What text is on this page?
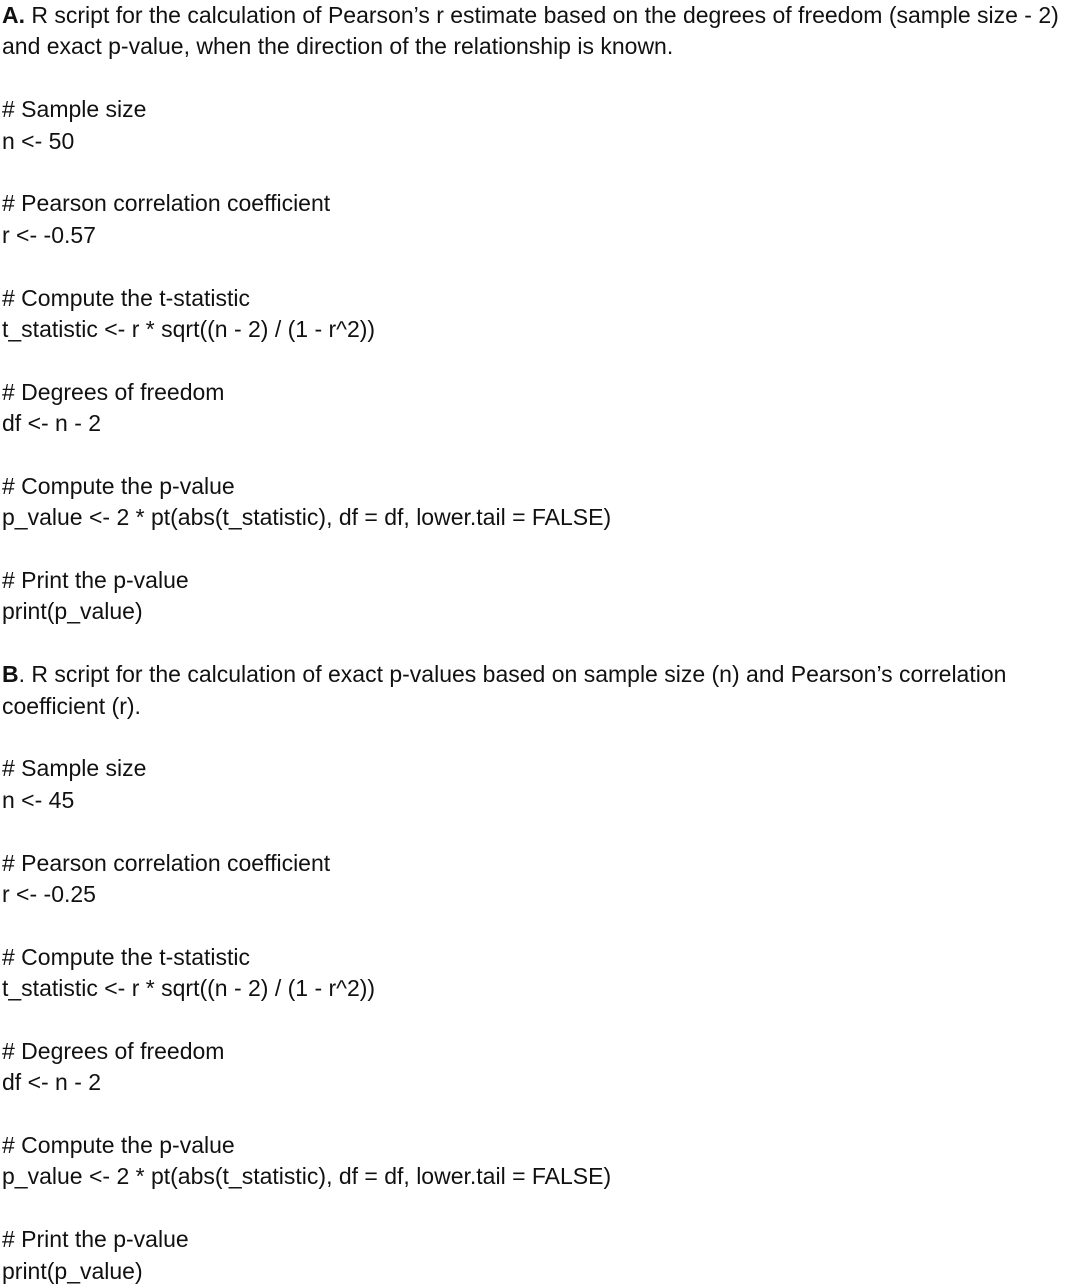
A. R script for the calculation of Pearson’s r estimate based on the degrees of freedom (sample size - 2)
and exact p-value, when the direction of the relationship is known.
# Sample size
n <- 50
# Pearson correlation coefficient
r <- -0.57
# Compute the t-statistic
t_statistic <- r * sqrt((n - 2) / (1 - r^2))
# Degrees of freedom
df <- n - 2
# Compute the p-value
p_value <- 2 * pt(abs(t_statistic), df = df, lower.tail = FALSE)
# Print the p-value
print(p_value)
B. R script for the calculation of exact p-values based on sample size (n) and Pearson’s correlation
coefficient (r).
# Sample size
n <- 45
# Pearson correlation coefficient
r <- -0.25
# Compute the t-statistic
t_statistic <- r * sqrt((n - 2) / (1 - r^2))
# Degrees of freedom
df <- n - 2
# Compute the p-value
p_value <- 2 * pt(abs(t_statistic), df = df, lower.tail = FALSE)
# Print the p-value
print(p_value)
